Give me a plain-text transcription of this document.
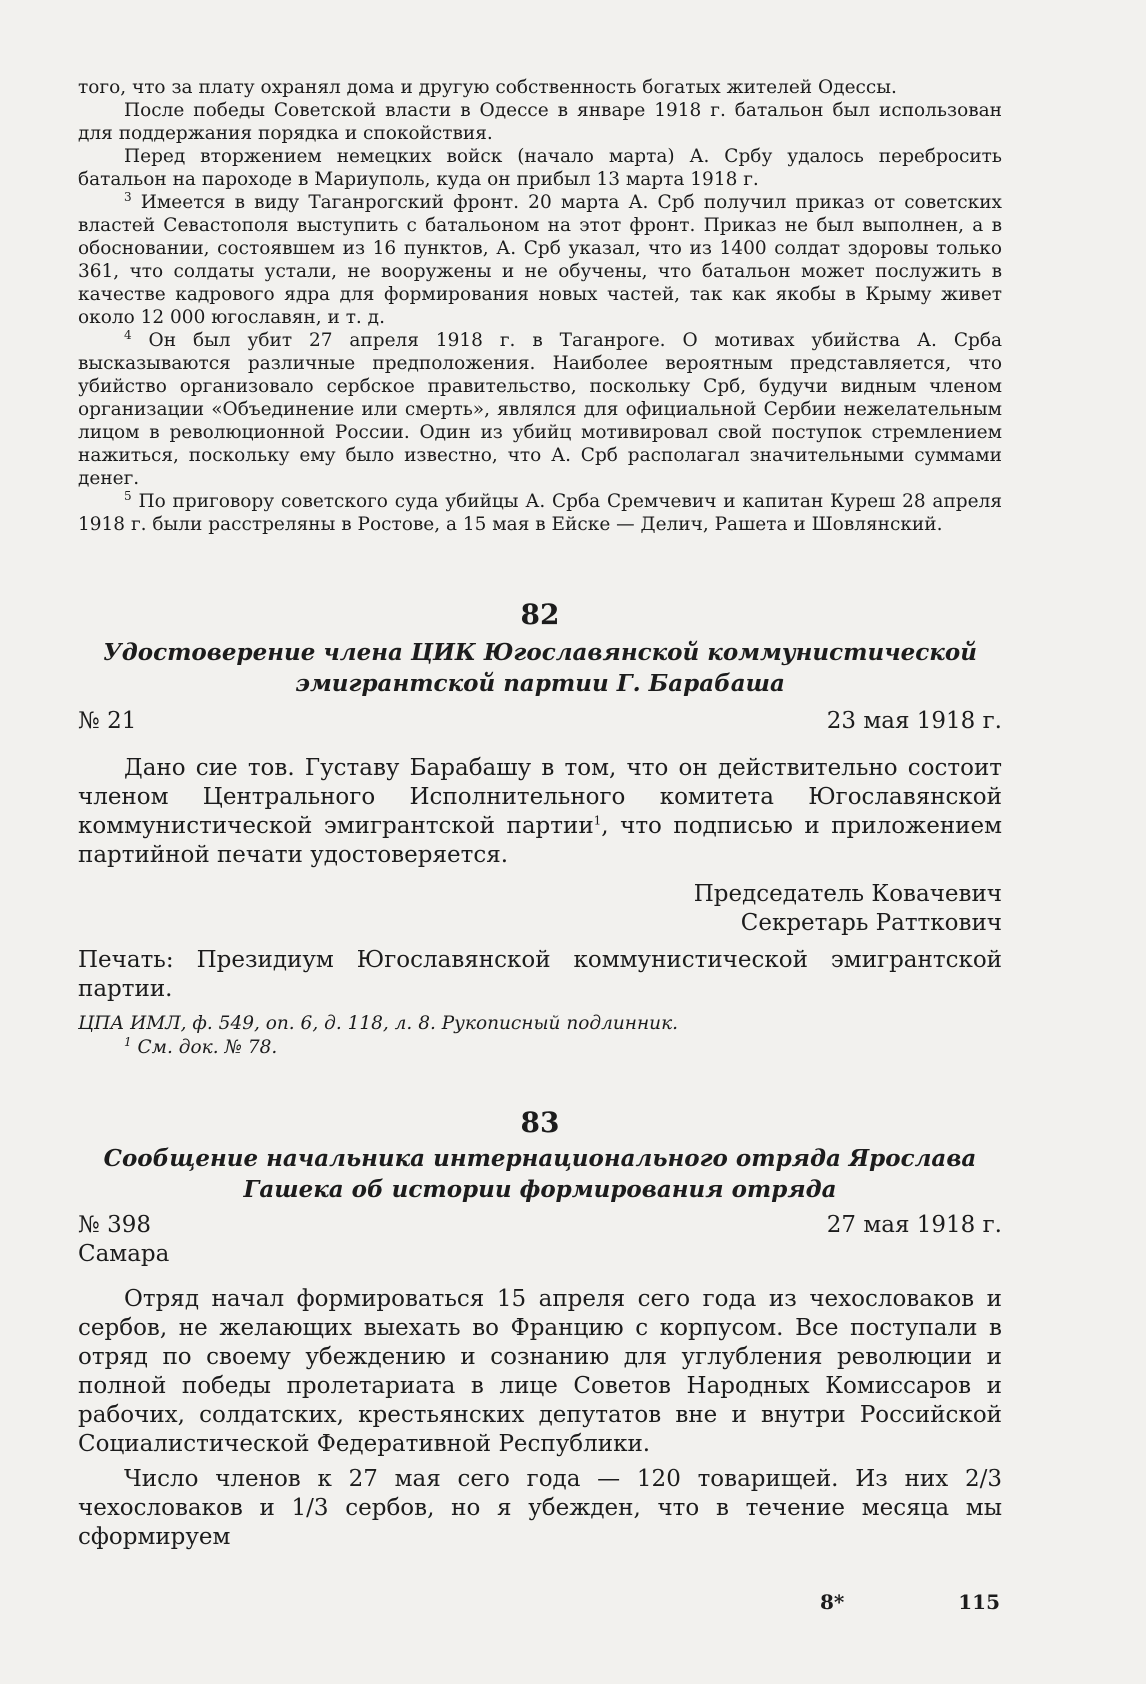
того, что за плату охранял дома и другую собственность богатых жителей Одессы.

После победы Советской власти в Одессе в январе 1918 г. батальон был использован для поддержания порядка и спокойствия.

Перед вторжением немецких войск (начало марта) А. Србу удалось перебросить батальон на пароходе в Мариуполь, куда он прибыл 13 марта 1918 г.

$^3$ Имеется в виду Таганрогский фронт. 20 марта А. Срб получил приказ от советских властей Севастополя выступить с батальоном на этот фронт. Приказ не был выполнен, а в обосновании, состоявшем из 16 пунктов, А. Срб указал, что из 1400 солдат здоровы только 361, что солдаты устали, не вооружены и не обучены, что батальон может послужить в качестве кадрового ядра для формирования новых частей, так как якобы в Крыму живет около 12 000 югославян, и т. д.

$^4$ Он был убит 27 апреля 1918 г. в Таганроге. О мотивах убийства А. Срба высказываются различные предположения. Наиболее вероятным представляется, что убийство организовало сербское правительство, поскольку Срб, будучи видным членом организации «Объединение или смерть», являлся для официальной Сербии нежелательным лицом в революционной России. Один из убийц мотивировал свой поступок стремлением нажиться, поскольку ему было известно, что А. Срб располагал значительными суммами денег.

$^5$ По приговору советского суда убийцы А. Срба Сремчевич и капитан Куреш 28 апреля 1918 г. были расстреляны в Ростове, а 15 мая в Ейске — Делич, Рашета и Шовлянский.

82

Удостоверение члена ЦИК Югославянской коммунистической

эмигрантской партии Г. Барабаша

№ 21	23 мая 1918 г.

Дано сие тов. Густаву Барабашу в том, что он действительно состоит членом Центрального Исполнительного комитета Югославянской коммунистической эмигрантской партии$^1$, что подписью и приложением партийной печати удостоверяется.

Председатель Ковачевич

Секретарь Ратткович

Печать: Президиум Югославянской коммунистической эмигрантской партии.

ЦПА ИМЛ, ф. 549, оп. 6, д. 118, л. 8. Рукописный подлинник.

$^1$ См. док. № 78.

83

Сообщение начальника интернационального отряда Ярослава

Гашека об истории формирования отряда

№ 398	27 мая 1918 г.
Самара

Отряд начал формироваться 15 апреля сего года из чехословаков и сербов, не желающих выехать во Францию с корпусом. Все поступали в отряд по своему убеждению и сознанию для углубления революции и полной победы пролетариата в лице Советов Народных Комиссаров и рабочих, солдатских, крестьянских депутатов вне и внутри Российской Социалистической Федеративной Республики.

Число членов к 27 мая сего года — 120 товарищей. Из них 2/3 чехословаков и 1/3 сербов, но я убежден, что в течение месяца мы сформируем

8*	115
